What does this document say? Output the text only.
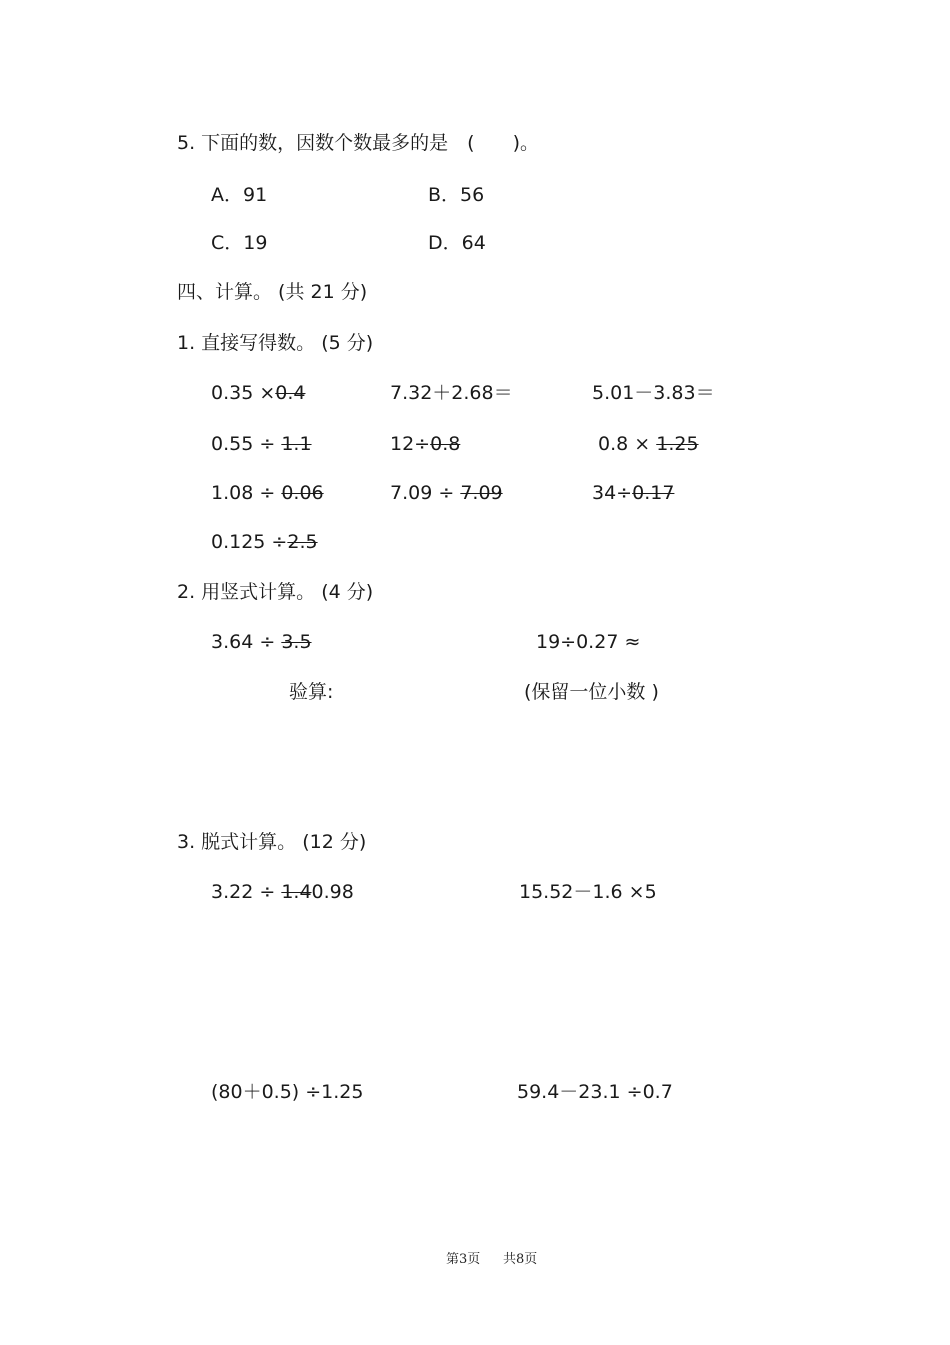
5. 下面的数，因数个数最多的是　(　　)。
A．91	B．56
C．19	D．64
四、计算。 (共 21 分)
1. 直接写得数。 (5 分)
0.35 ×0.4	7.32＋2.68＝	5.01－3.83＝
0.55 ÷ 1.1	12÷0.8	0.8 × 1.25
1.08 ÷ 0.06	7.09 ÷ 7.09	34÷0.17
0.125 ÷2.5
2. 用竖式计算。 (4 分)
3.64 ÷ 3.5	19÷0.27 ≈
验算:	(保留一位小数 )
3. 脱式计算。 (12 分)
3.22 ÷ 1.40.98	15.52－1.6 ×5
(80＋0.5) ÷1.25	59.4－23.1 ÷0.7
第3页 共8页
